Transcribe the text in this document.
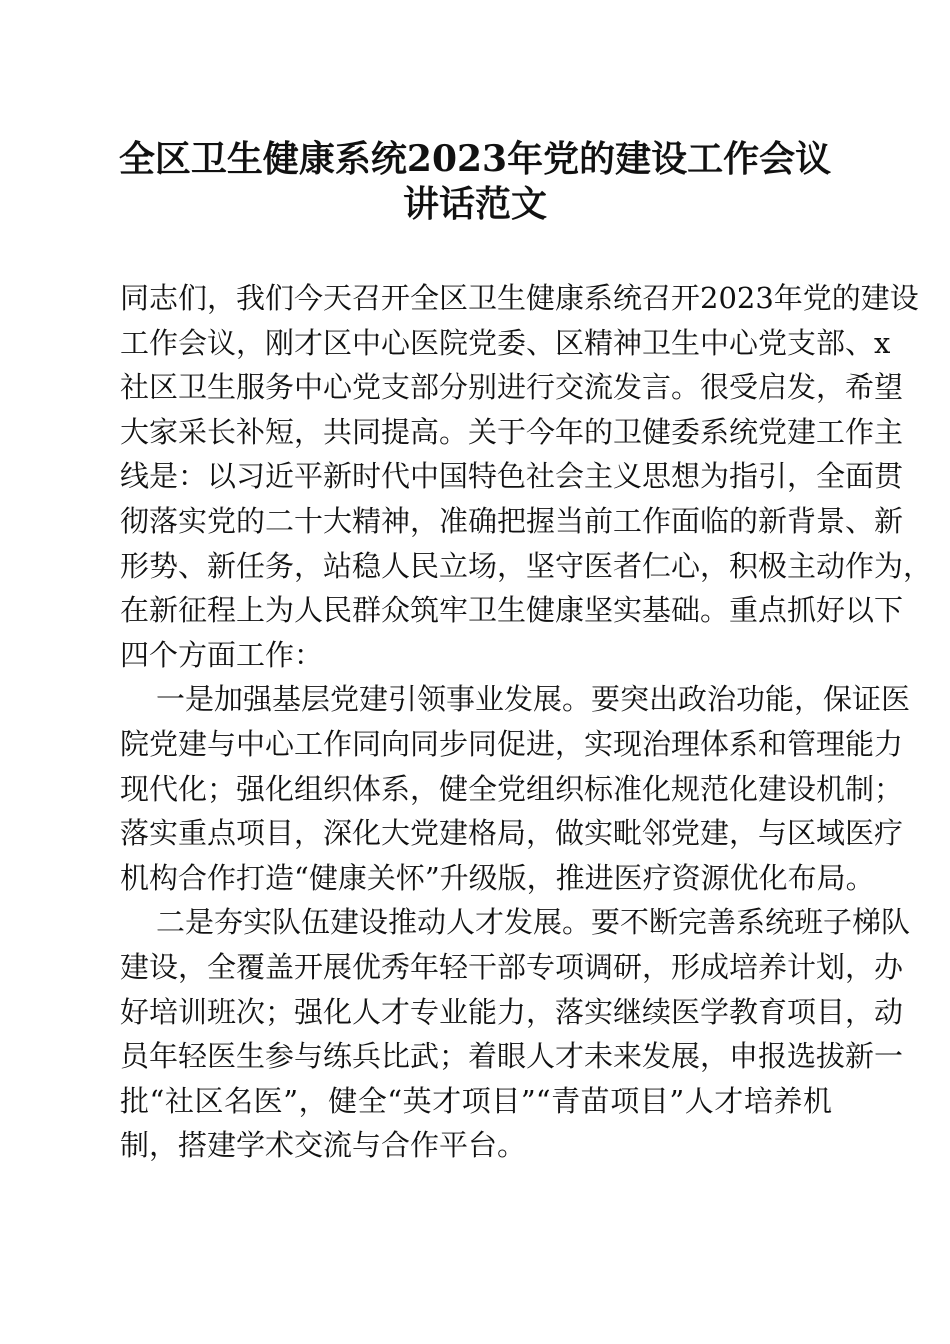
全区卫生健康系统2023年党的建设工作会议
讲话范文
同志们，我们今天召开全区卫生健康系统召开2023年党的建设
工作会议，刚才区中心医院党委、区精神卫生中心党支部、x
社区卫生服务中心党支部分别进行交流发言。很受启发，希望
大家采长补短，共同提高。关于今年的卫健委系统党建工作主
线是：以习近平新时代中国特色社会主义思想为指引，全面贯
彻落实党的二十大精神，准确把握当前工作面临的新背景、新
形势、新任务，站稳人民立场，坚守医者仁心，积极主动作为，
在新征程上为人民群众筑牢卫生健康坚实基础。重点抓好以下
四个方面工作：
一是加强基层党建引领事业发展。要突出政治功能，保证医
院党建与中心工作同向同步同促进，实现治理体系和管理能力
现代化；强化组织体系，健全党组织标准化规范化建设机制；
落实重点项目，深化大党建格局，做实毗邻党建，与区域医疗
机构合作打造“健康关怀”升级版，推进医疗资源优化布局。
二是夯实队伍建设推动人才发展。要不断完善系统班子梯队
建设，全覆盖开展优秀年轻干部专项调研，形成培养计划，办
好培训班次；强化人才专业能力，落实继续医学教育项目，动
员年轻医生参与练兵比武；着眼人才未来发展，申报选拔新一
批“社区名医”，健全“英才项目”“青苗项目”人才培养机
制，搭建学术交流与合作平台。
